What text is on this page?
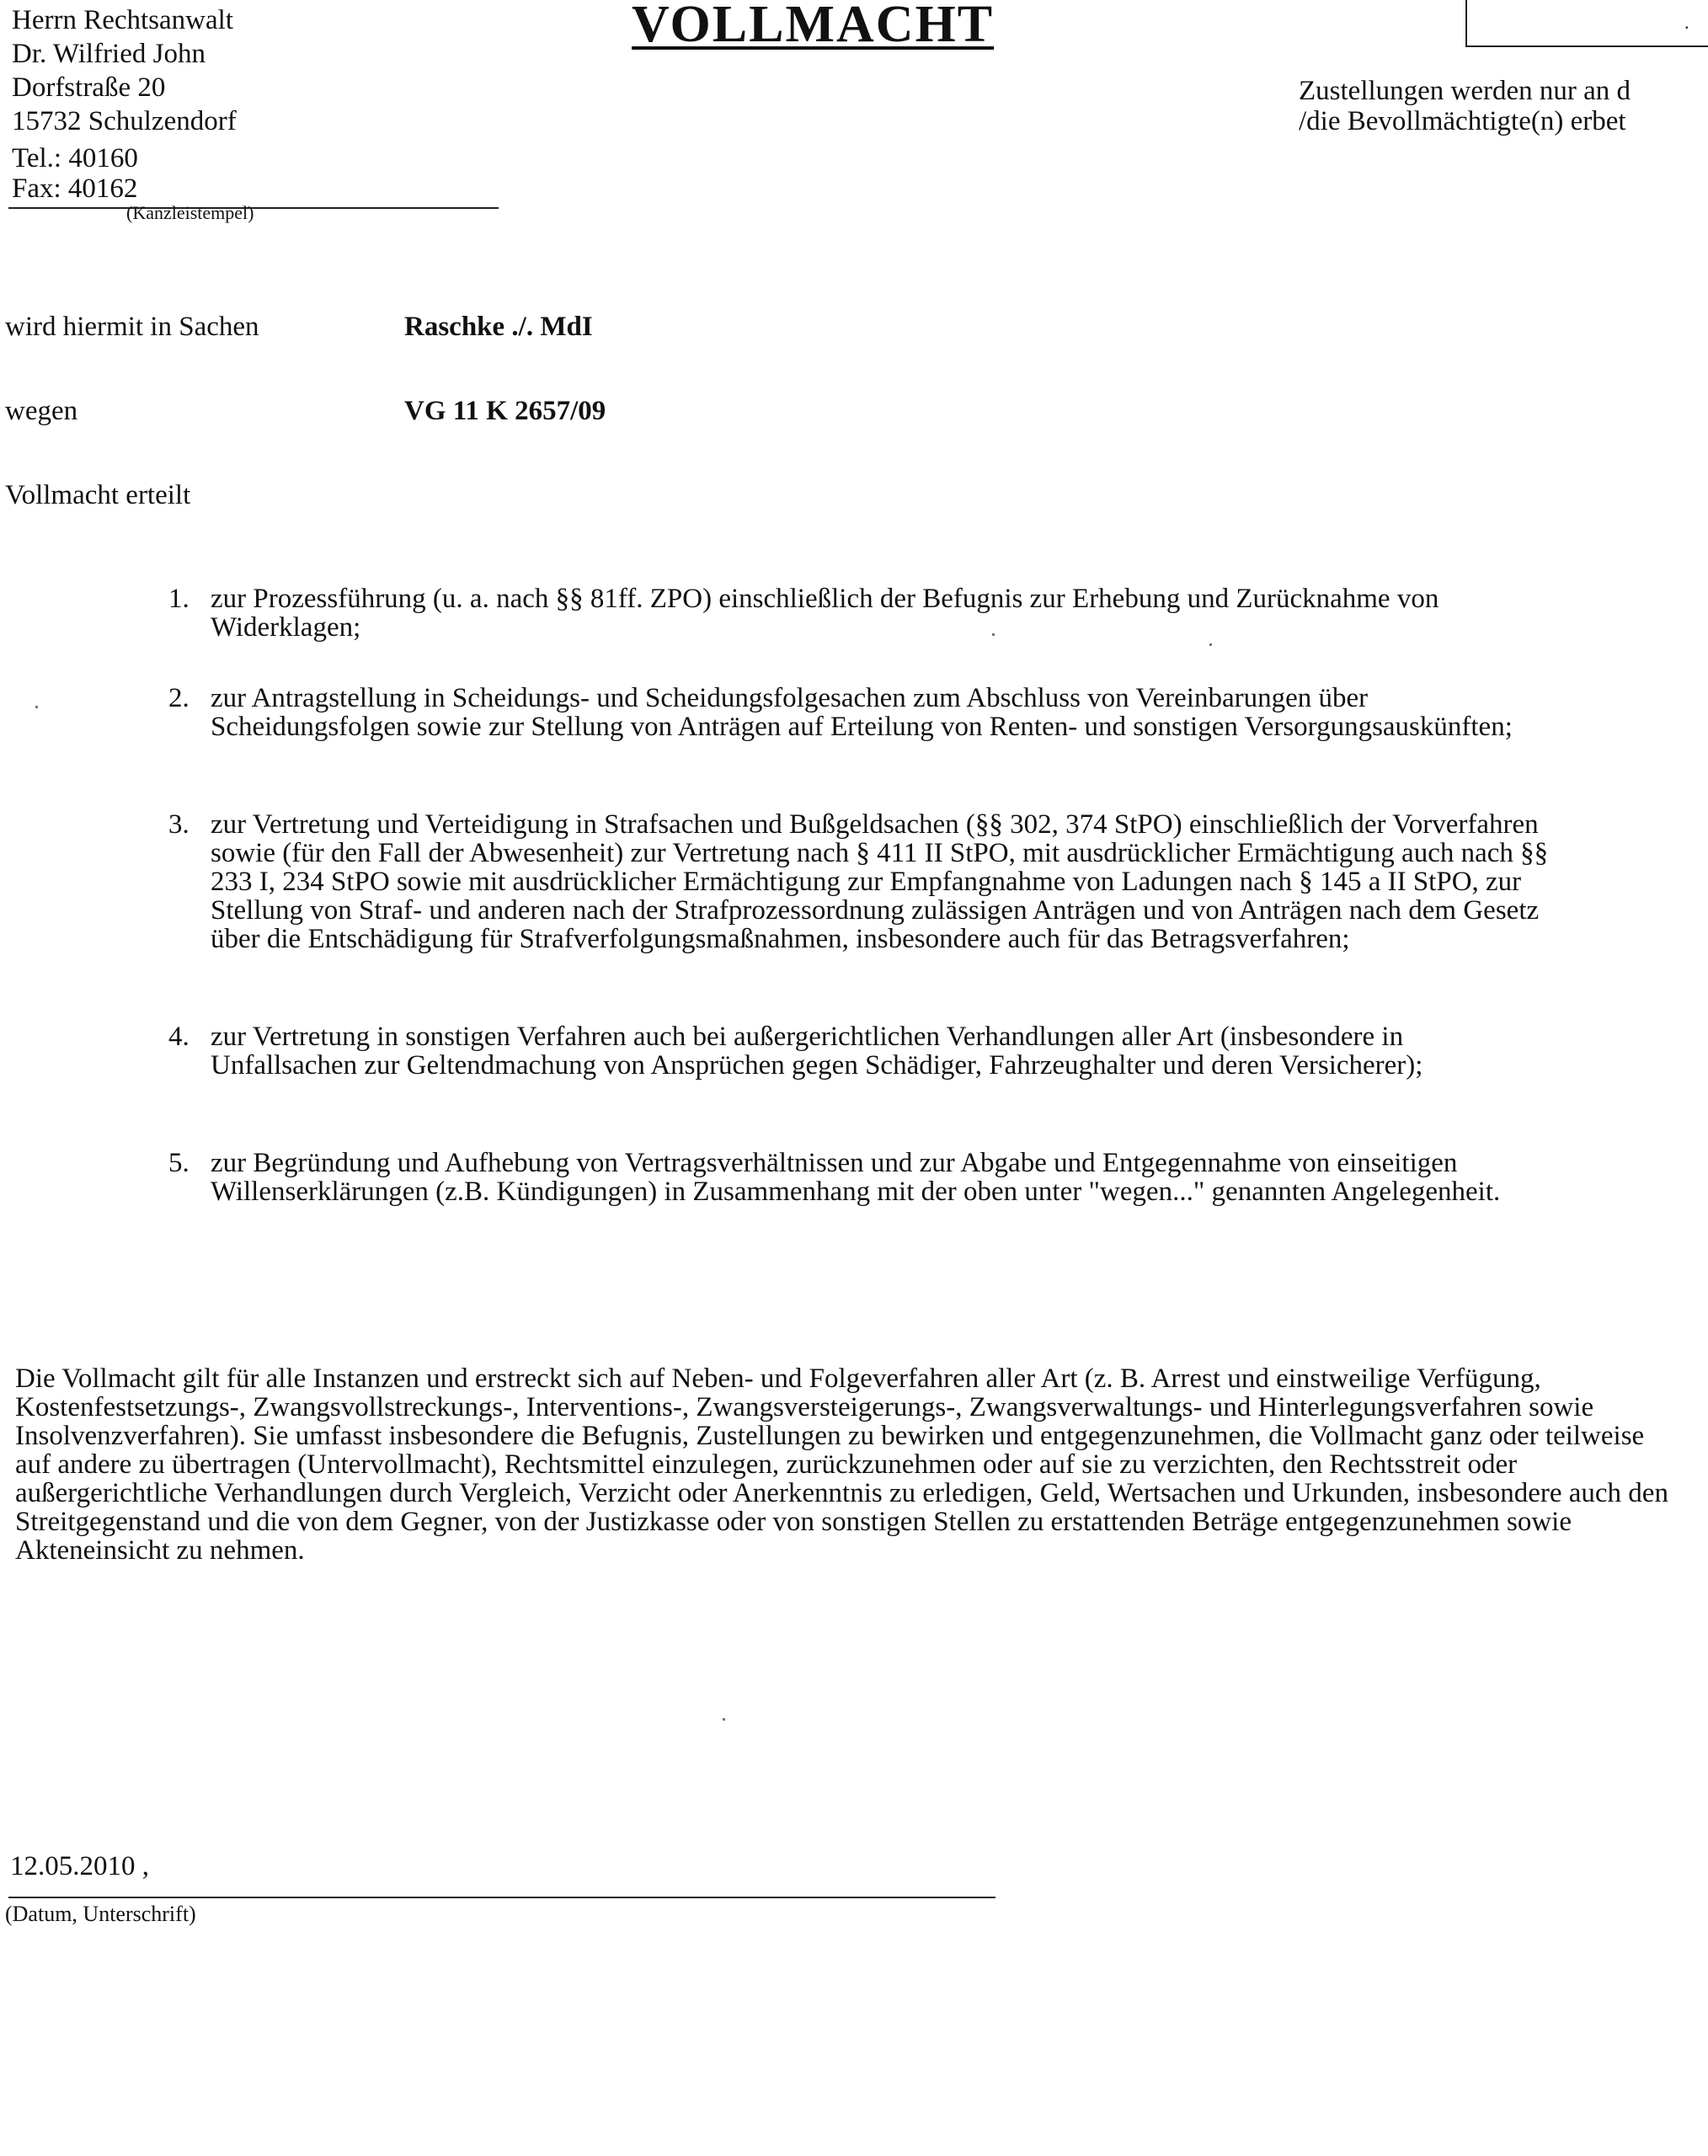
Herrn Rechtsanwalt
Dr. Wilfried John
Dorfstraße 20
15732 Schulzendorf
Tel.: 40160
Fax: 40162
(Kanzleistempel)
VOLLMACHT	.
Zustellungen werden nur an d
/die Bevollmächtigte(n) erbet
wird hiermit in Sachen	Raschke ./. MdI
wegen	VG 11 K 2657/09
Vollmacht erteilt
1. zur Prozessführung (u. a. nach §§ 81ff. ZPO) einschließlich der Befugnis zur Erhebung und Zurücknahme von Widerklagen;
2. zur Antragstellung in Scheidungs- und Scheidungsfolgesachen zum Abschluss von Vereinbarungen über Scheidungsfolgen sowie zur Stellung von Anträgen auf Erteilung von Renten- und sonstigen Versorgungsauskünften;
3. zur Vertretung und Verteidigung in Strafsachen und Bußgeldsachen (§§ 302, 374 StPO) einschließlich der Vorverfahren sowie (für den Fall der Abwesenheit) zur Vertretung nach § 411 II StPO, mit ausdrücklicher Ermächtigung auch nach §§ 233 I, 234 StPO sowie mit ausdrücklicher Ermächtigung zur Empfangnahme von Ladungen nach § 145 a II StPO, zur Stellung von Straf- und anderen nach der Strafprozessordnung zulässigen Anträgen und von Anträgen nach dem Gesetz über die Entschädigung für Strafverfolgungsmaßnahmen, insbesondere auch für das Betragsverfahren;
4. zur Vertretung in sonstigen Verfahren auch bei außergerichtlichen Verhandlungen aller Art (insbesondere in Unfallsachen zur Geltendmachung von Ansprüchen gegen Schädiger, Fahrzeughalter und deren Versicherer);
5. zur Begründung und Aufhebung von Vertragsverhältnissen und zur Abgabe und Entgegennahme von einseitigen Willenserklärungen (z.B. Kündigungen) in Zusammenhang mit der oben unter "wegen..." genannten Angelegenheit.
Die Vollmacht gilt für alle Instanzen und erstreckt sich auf Neben- und Folgeverfahren aller Art (z. B. Arrest und einstweilige Verfügung, Kostenfestsetzungs-, Zwangsvollstreckungs-, Interventions-, Zwangsversteigerungs-, Zwangsverwaltungs- und Hinterlegungsverfahren sowie Insolvenzverfahren). Sie umfasst insbesondere die Befugnis, Zustellungen zu bewirken und entgegenzunehmen, die Vollmacht ganz oder teilweise auf andere zu übertragen (Untervollmacht), Rechtsmittel einzulegen, zurückzunehmen oder auf sie zu verzichten, den Rechtsstreit oder außergerichtliche Verhandlungen durch Vergleich, Verzicht oder Anerkenntnis zu erledigen, Geld, Wertsachen und Urkunden, insbesondere auch den Streitgegenstand und die von dem Gegner, von der Justizkasse oder von sonstigen Stellen zu erstattenden Beträge entgegenzunehmen sowie Akteneinsicht zu nehmen.
12.05.2010 ,
(Datum, Unterschrift)
